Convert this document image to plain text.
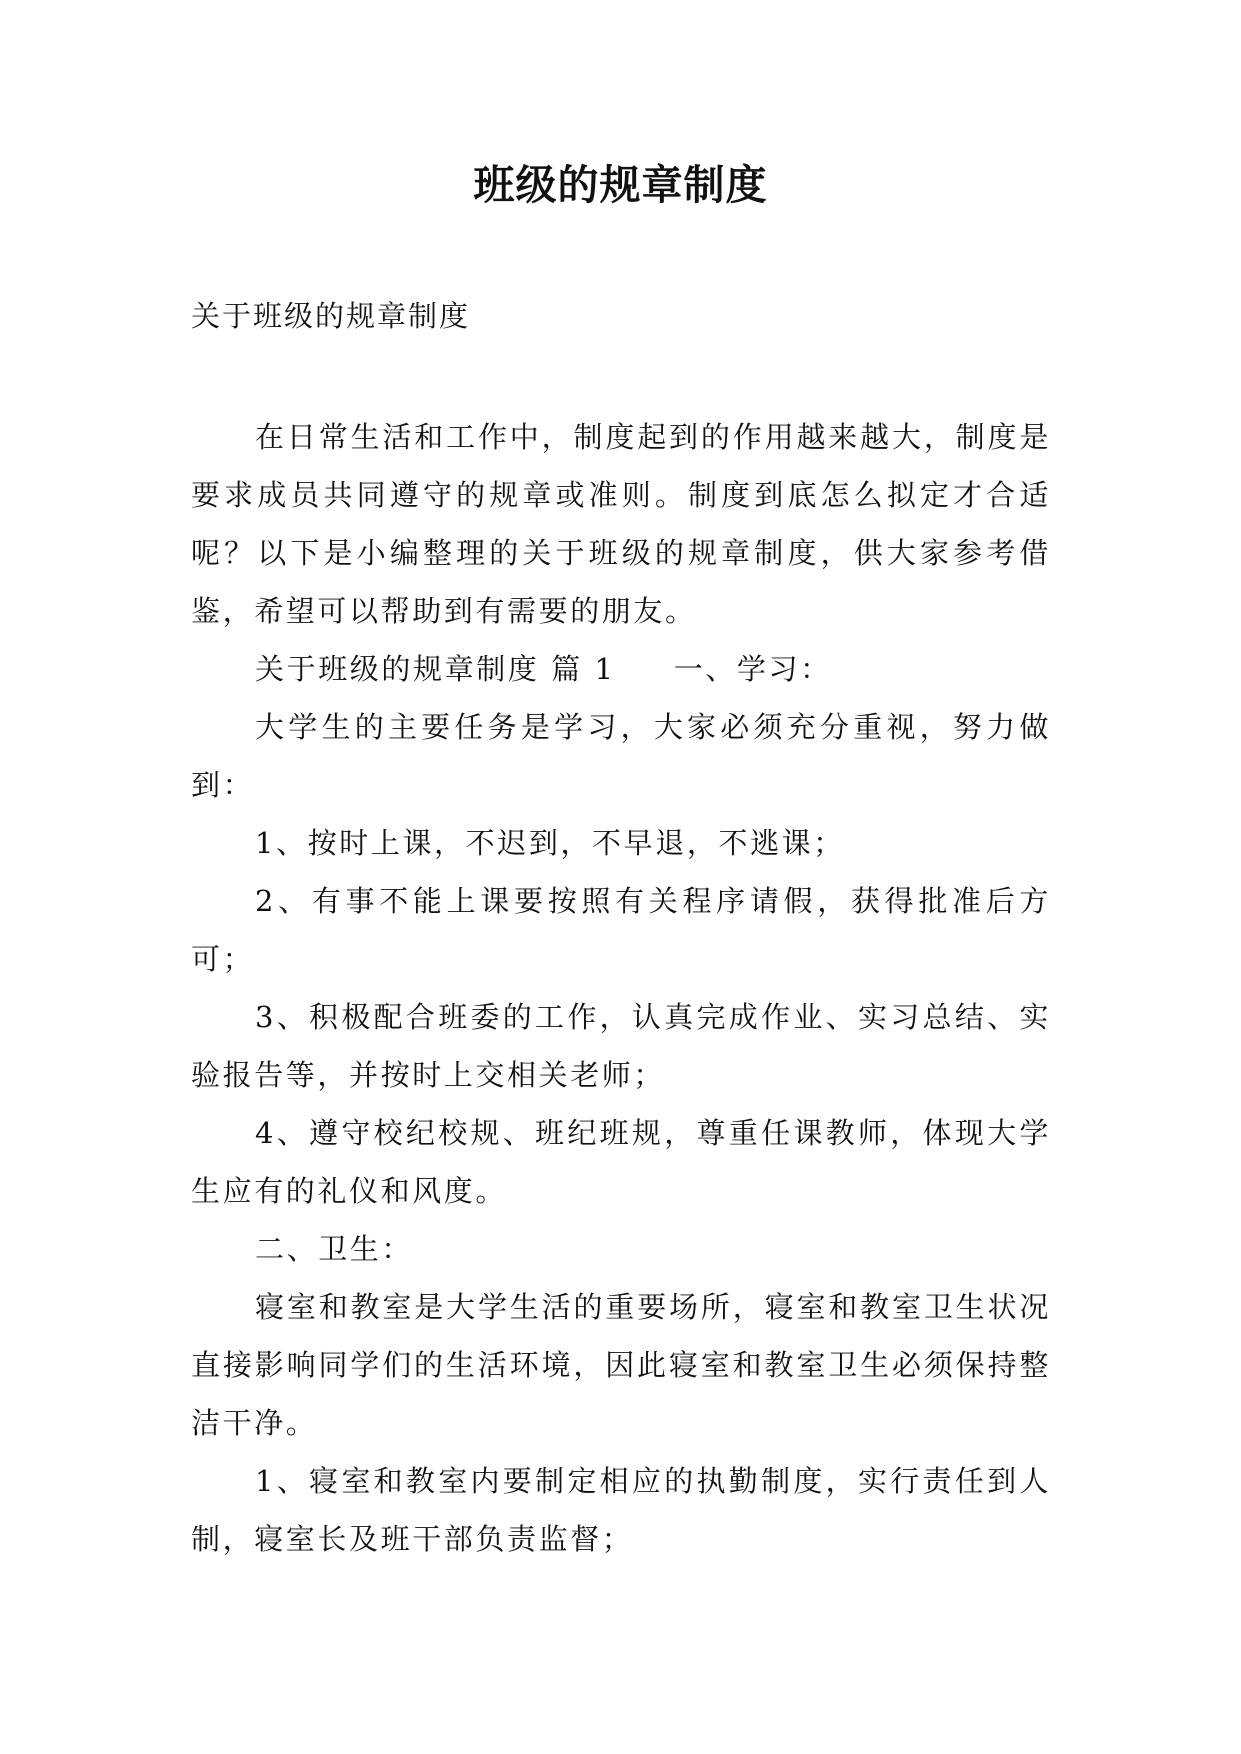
班级的规章制度
关于班级的规章制度

在日常生活和工作中，制度起到的作用越来越大，制度是要求成员共同遵守的规章或准则。制度到底怎么拟定才合适呢？以下是小编整理的关于班级的规章制度，供大家参考借鉴，希望可以帮助到有需要的朋友。

关于班级的规章制度 篇 1 一、学习：

大学生的主要任务是学习，大家必须充分重视，努力做到：

1、按时上课，不迟到，不早退，不逃课；

2、有事不能上课要按照有关程序请假，获得批准后方可；

3、积极配合班委的工作，认真完成作业、实习总结、实验报告等，并按时上交相关老师；

4、遵守校纪校规、班纪班规，尊重任课教师，体现大学生应有的礼仪和风度。

二、卫生：

寝室和教室是大学生活的重要场所，寝室和教室卫生状况直接影响同学们的生活环境，因此寝室和教室卫生必须保持整洁干净。

1、寝室和教室内要制定相应的执勤制度，实行责任到人制，寝室长及班干部负责监督；
